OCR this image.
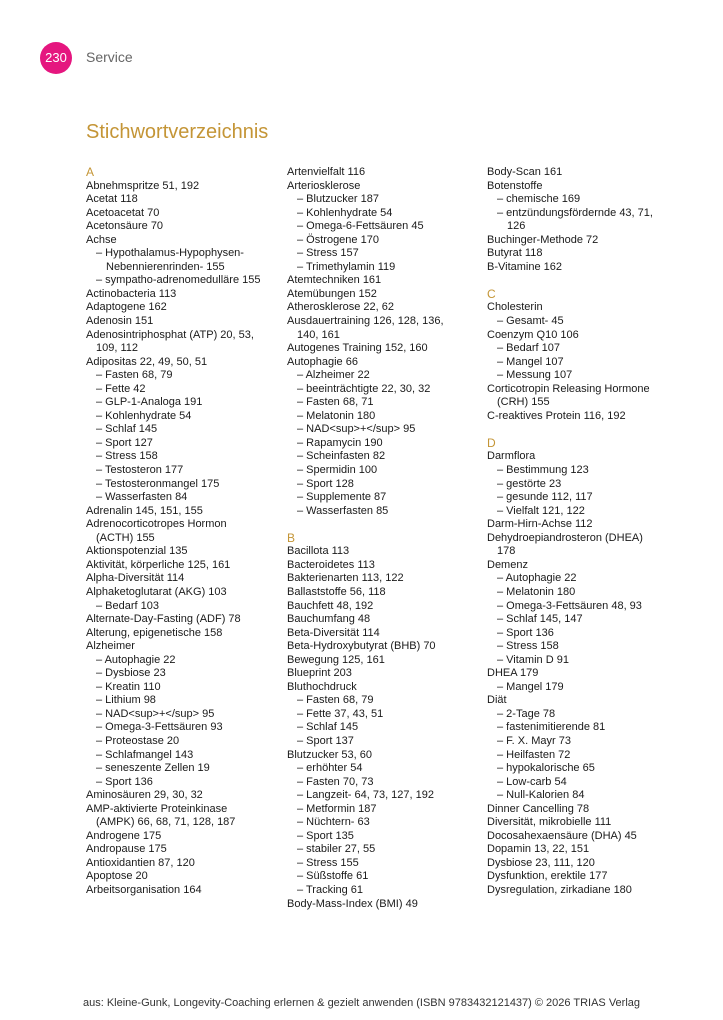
230	Service
Stichwortverzeichnis
A
Abnehmspritze 51, 192
Acetat 118
Acetoacetat 70
Acetonsäure 70
Achse
– Hypothalamus-Hypophysen-
Nebennierenrinden- 155
– sympatho-adrenomedulläre 155
Actinobacteria 113
Adaptogene 162
Adenosin 151
Adenosintriphosphat (ATP) 20, 53,
109, 112
Adipositas 22, 49, 50, 51
– Fasten 68, 79
– Fette 42
– GLP-1-Analoga 191
– Kohlenhydrate 54
– Schlaf 145
– Sport 127
– Stress 158
– Testosteron 177
– Testosteronmangel 175
– Wasserfasten 84
Adrenalin 145, 151, 155
Adrenocorticotropes Hormon
(ACTH) 155
Aktionspotenzial 135
Aktivität, körperliche 125, 161
Alpha-Diversität 114
Alphaketoglutarat (AKG) 103
– Bedarf 103
Alternate-Day-Fasting (ADF) 78
Alterung, epigenetische 158
Alzheimer
– Autophagie 22
– Dysbiose 23
– Kreatin 110
– Lithium 98
– NAD<sup>+</sup> 95
– Omega-3-Fettsäuren 93
– Proteostase 20
– Schlafmangel 143
– seneszente Zellen 19
– Sport 136
Aminosäuren 29, 30, 32
AMP-aktivierte Proteinkinase
(AMPK) 66, 68, 71, 128, 187
Androgene 175
Andropause 175
Antioxidantien 87, 120
Apoptose 20
Arbeitsorganisation 164
Artenvielfalt 116
Arteriosklerose
– Blutzucker 187
– Kohlenhydrate 54
– Omega-6-Fettsäuren 45
– Östrogene 170
– Stress 157
– Trimethylamin 119
Atemtechniken 161
Atemübungen 152
Atherosklerose 22, 62
Ausdauertraining 126, 128, 136,
140, 161
Autogenes Training 152, 160
Autophagie 66
– Alzheimer 22
– beeinträchtigte 22, 30, 32
– Fasten 68, 71
– Melatonin 180
– NAD<sup>+</sup> 95
– Rapamycin 190
– Scheinfasten 82
– Spermidin 100
– Sport 128
– Supplemente 87
– Wasserfasten 85
B
Bacillota 113
Bacteroidetes 113
Bakterienarten 113, 122
Ballaststoffe 56, 118
Bauchfett 48, 192
Bauchumfang 48
Beta-Diversität 114
Beta-Hydroxybutyrat (BHB) 70
Bewegung 125, 161
Blueprint 203
Bluthochdruck
– Fasten 68, 79
– Fette 37, 43, 51
– Schlaf 145
– Sport 137
Blutzucker 53, 60
– erhöhter 54
– Fasten 70, 73
– Langzeit- 64, 73, 127, 192
– Metformin 187
– Nüchtern- 63
– Sport 135
– stabiler 27, 55
– Stress 155
– Süßstoffe 61
– Tracking 61
Body-Mass-Index (BMI) 49
Body-Scan 161
Botenstoffe
– chemische 169
– entzündungsfördernde 43, 71,
126
Buchinger-Methode 72
Butyrat 118
B-Vitamine 162
C
Cholesterin
– Gesamt- 45
Coenzym Q10 106
– Bedarf 107
– Mangel 107
– Messung 107
Corticotropin Releasing Hormone
(CRH) 155
C-reaktives Protein 116, 192
D
Darmflora
– Bestimmung 123
– gestörte 23
– gesunde 112, 117
– Vielfalt 121, 122
Darm-Hirn-Achse 112
Dehydroepiandrosteron (DHEA)
178
Demenz
– Autophagie 22
– Melatonin 180
– Omega-3-Fettsäuren 48, 93
– Schlaf 145, 147
– Sport 136
– Stress 158
– Vitamin D 91
DHEA 179
– Mangel 179
Diät
– 2-Tage 78
– fastenimitierende 81
– F. X. Mayr 73
– Heilfasten 72
– hypokalorische 65
– Low-carb 54
– Null-Kalorien 84
Dinner Cancelling 78
Diversität, mikrobielle 111
Docosahexaensäure (DHA) 45
Dopamin 13, 22, 151
Dysbiose 23, 111, 120
Dysfunktion, erektile 177
Dysregulation, zirkadiane 180
aus: Kleine-Gunk, Longevity-Coaching erlernen & gezielt anwenden (ISBN 9783432121437) © 2026 TRIAS Verlag
